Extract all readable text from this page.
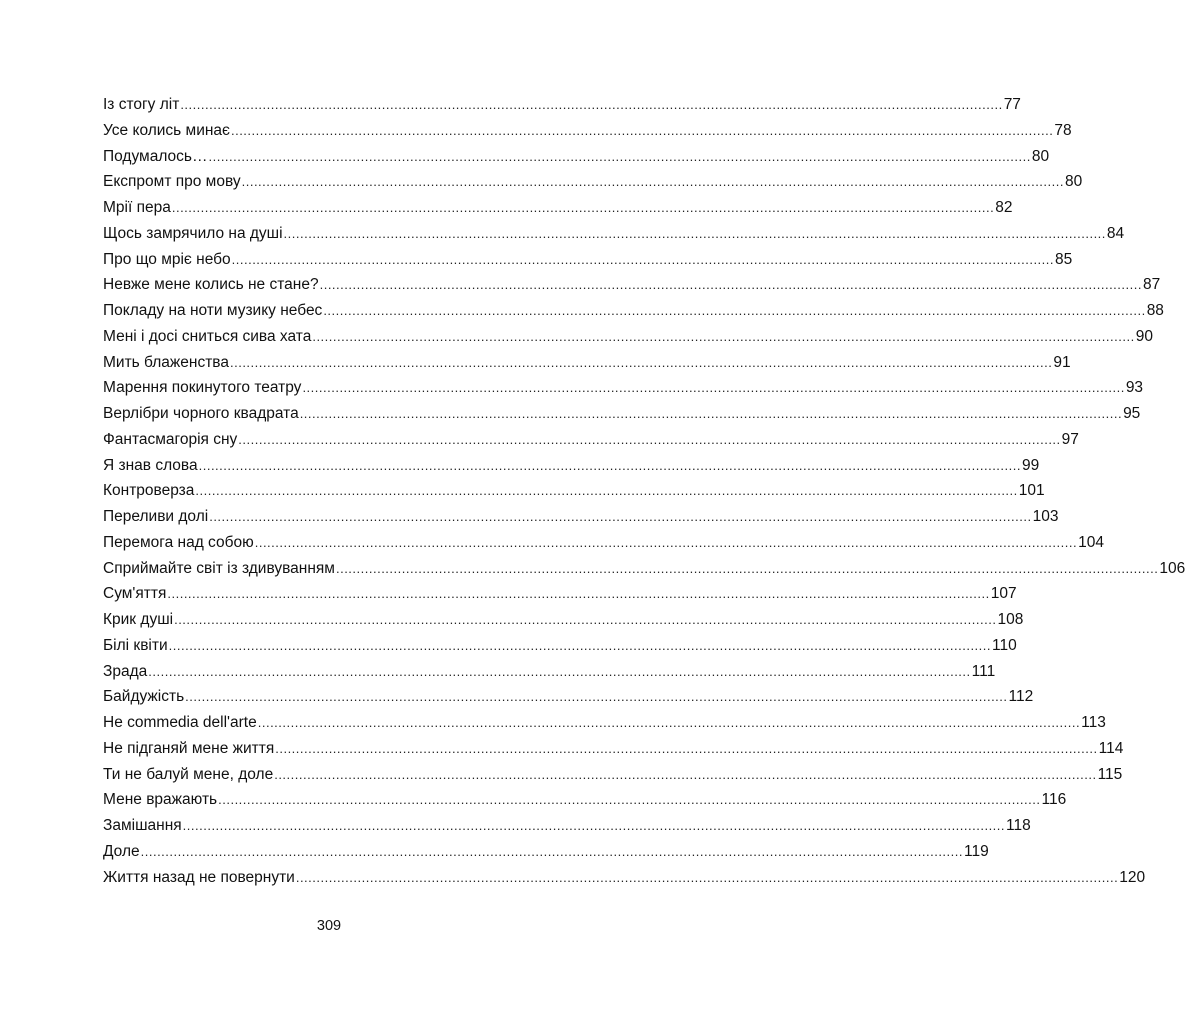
Із стогу літ ........................................................................................................................................................................................................ 77
Усе колись минає ........................................................................................................................................................................................................ 78
Подумалось… ........................................................................................................................................................................................................ 80
Експромт про мову ........................................................................................................................................................................................................ 80
Мрії пера ........................................................................................................................................................................................................ 82
Щось замрячило на душі ........................................................................................................................................................................................................ 84
Про що мріє небо ........................................................................................................................................................................................................ 85
Невже мене колись не стане? ........................................................................................................................................................................................................ 87
Покладу на ноти музику небес ........................................................................................................................................................................................................ 88
Мені і досі сниться сива хата ........................................................................................................................................................................................................ 90
Мить блаженства ........................................................................................................................................................................................................ 91
Марення покинутого театру ........................................................................................................................................................................................................ 93
Верлібри чорного квадрата ........................................................................................................................................................................................................ 95
Фантасмагорія сну ........................................................................................................................................................................................................ 97
Я знав слова ........................................................................................................................................................................................................ 99
Контроверза ........................................................................................................................................................................................................ 101
Переливи долі ........................................................................................................................................................................................................ 103
Перемога над собою ........................................................................................................................................................................................................ 104
Сприймайте світ із здивуванням ........................................................................................................................................................................................................ 106
Сум'яття ........................................................................................................................................................................................................ 107
Крик душі ........................................................................................................................................................................................................ 108
Білі квіти ........................................................................................................................................................................................................ 110
Зрада ........................................................................................................................................................................................................ 111
Байдужість ........................................................................................................................................................................................................ 112
Не commedia dell'arte ........................................................................................................................................................................................................ 113
Не підганяй мене життя ........................................................................................................................................................................................................ 114
Ти не балуй мене, доле ........................................................................................................................................................................................................ 115
Мене вражають ........................................................................................................................................................................................................ 116
Замішання ........................................................................................................................................................................................................ 118
Доле ........................................................................................................................................................................................................ 119
Життя назад не повернути ........................................................................................................................................................................................................ 120
309
